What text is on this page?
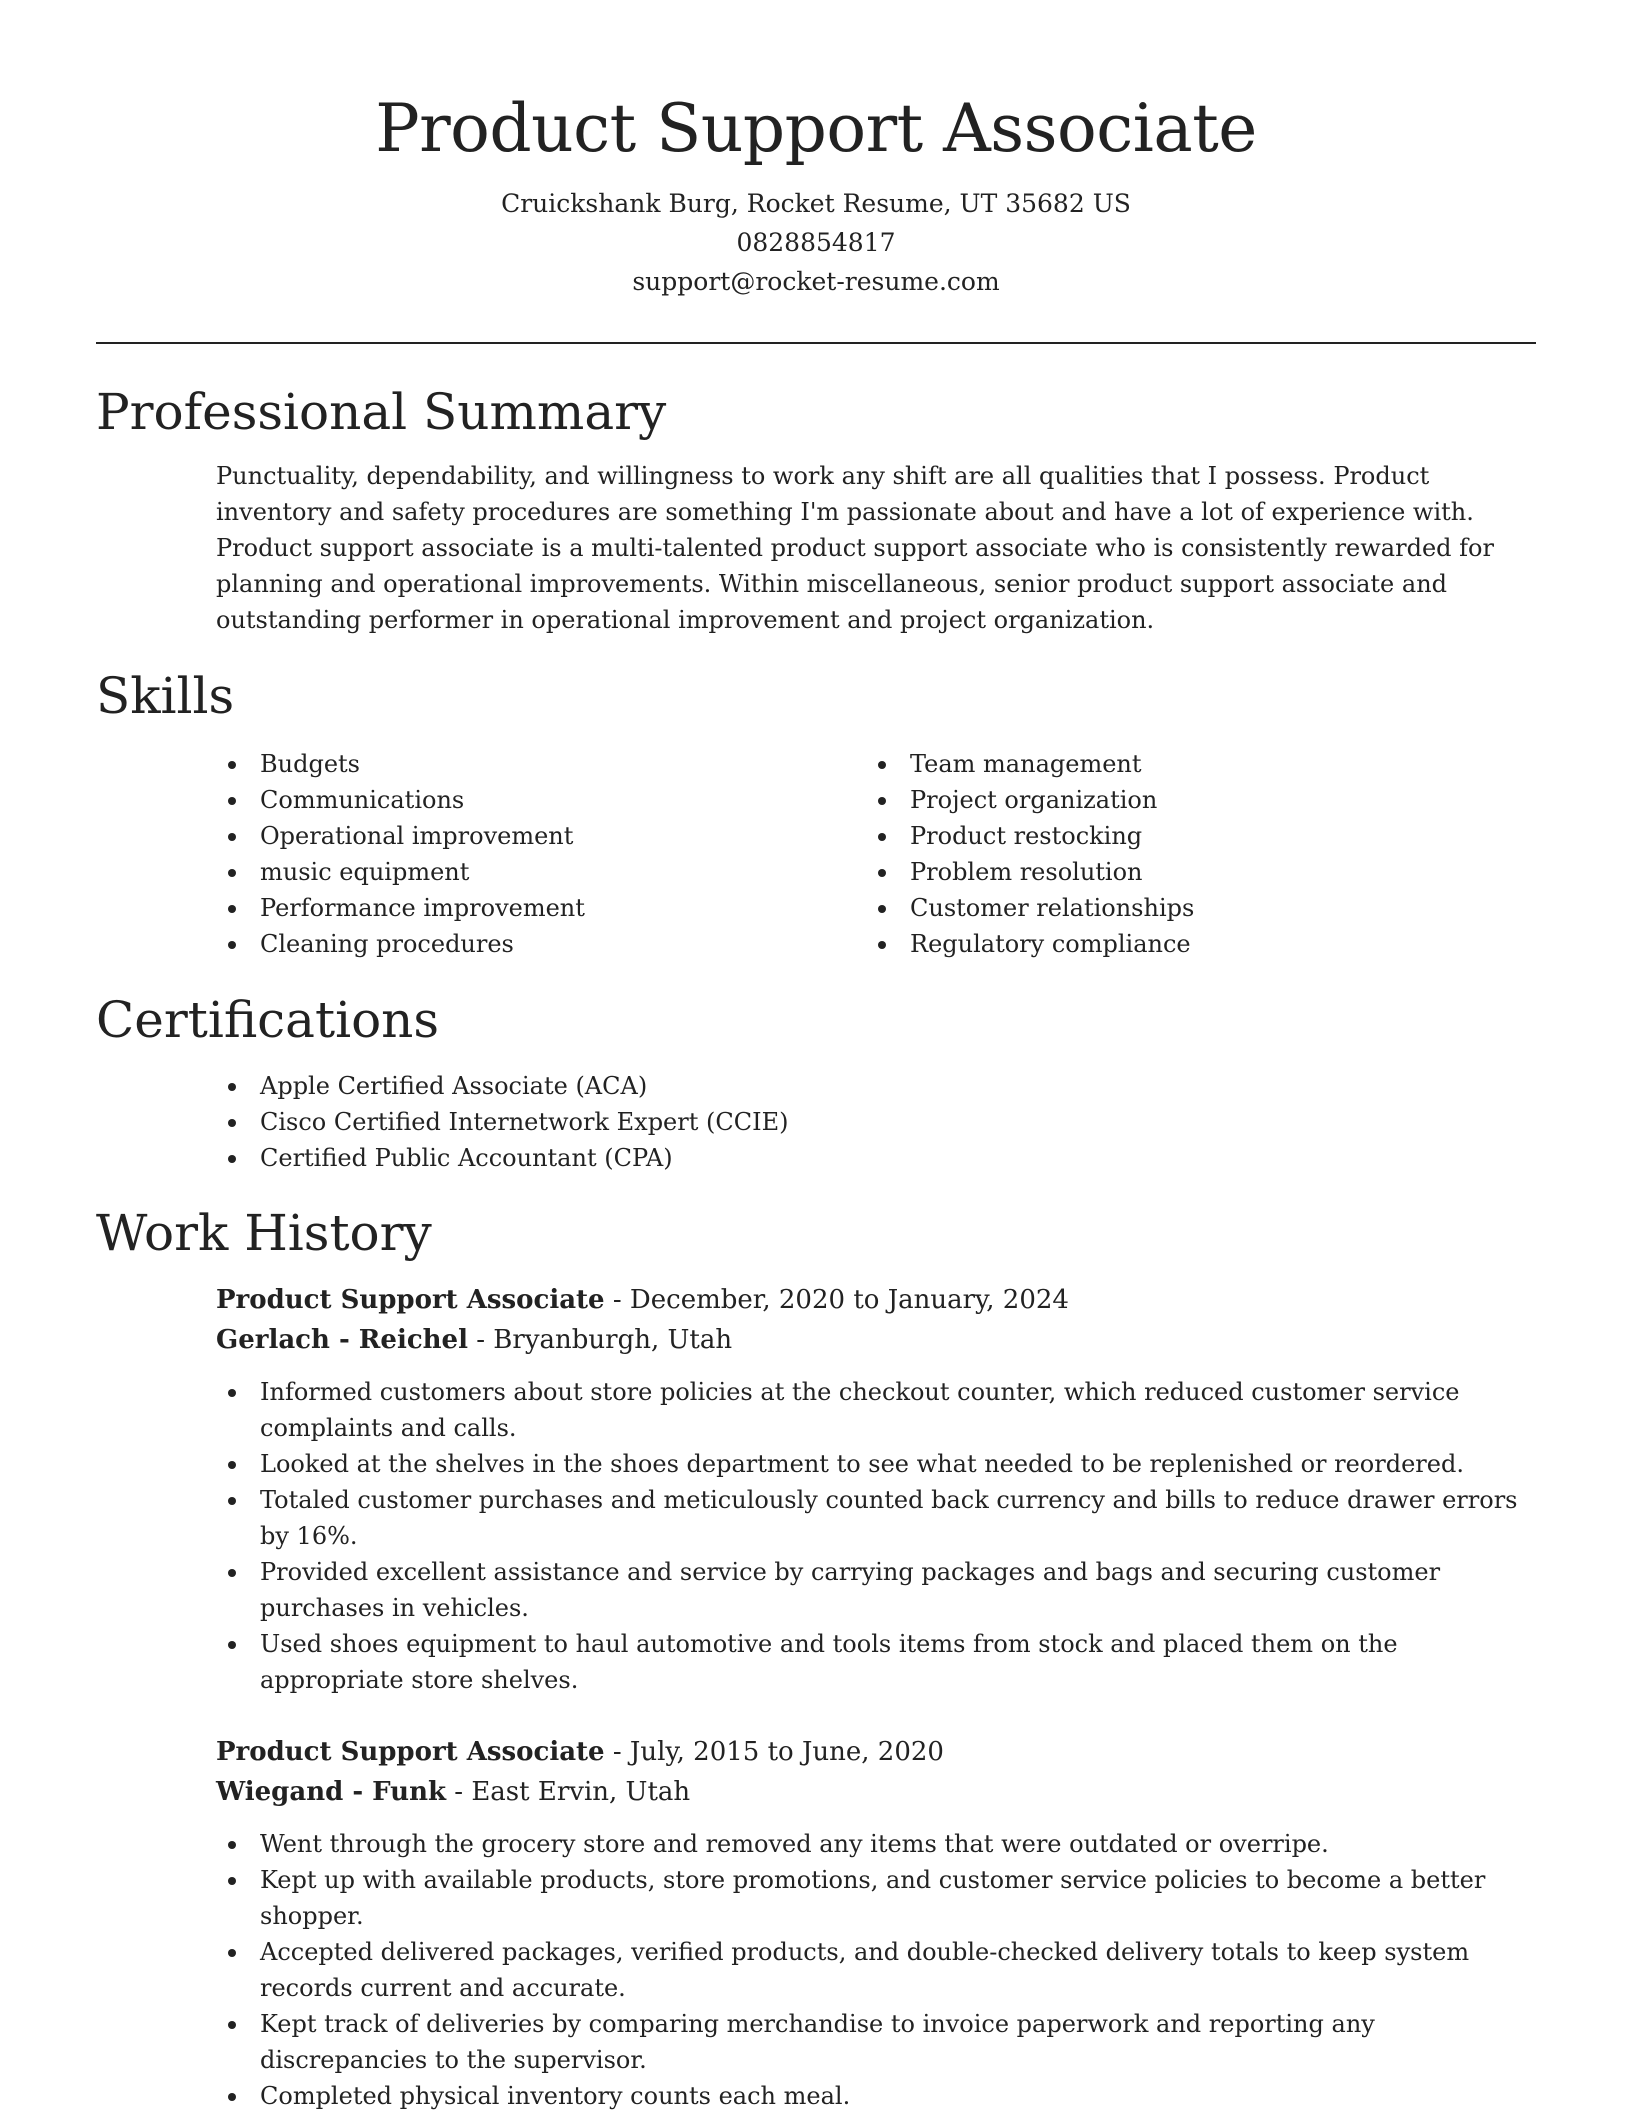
Product Support Associate
Cruickshank Burg, Rocket Resume, UT 35682 US
0828854817
support@rocket-resume.com
Professional Summary

Punctuality, dependability, and willingness to work any shift are all qualities that I possess. Product inventory and safety procedures are something I'm passionate about and have a lot of experience with. Product support associate is a multi-talented product support associate who is consistently rewarded for planning and operational improvements. Within miscellaneous, senior product support associate and outstanding performer in operational improvement and project organization.

Skills
Budgets
Communications
Operational improvement
music equipment
Performance improvement
Cleaning procedures
Team management
Project organization
Product restocking
Problem resolution
Customer relationships
Regulatory compliance
Certifications
Apple Certified Associate (ACA)
Cisco Certified Internetwork Expert (CCIE)
Certified Public Accountant (CPA)
Work History
Product Support Associate - December, 2020 to January, 2024
Gerlach - Reichel - Bryanburgh, Utah
Informed customers about store policies at the checkout counter, which reduced customer service complaints and calls.
Looked at the shelves in the shoes department to see what needed to be replenished or reordered.
Totaled customer purchases and meticulously counted back currency and bills to reduce drawer errors by 16%.
Provided excellent assistance and service by carrying packages and bags and securing customer purchases in vehicles.
Used shoes equipment to haul automotive and tools items from stock and placed them on the appropriate store shelves.
Product Support Associate - July, 2015 to June, 2020
Wiegand - Funk - East Ervin, Utah
Went through the grocery store and removed any items that were outdated or overripe.
Kept up with available products, store promotions, and customer service policies to become a better shopper.
Accepted delivered packages, verified products, and double-checked delivery totals to keep system records current and accurate.
Kept track of deliveries by comparing merchandise to invoice paperwork and reporting any discrepancies to the supervisor.
Completed physical inventory counts each meal.
